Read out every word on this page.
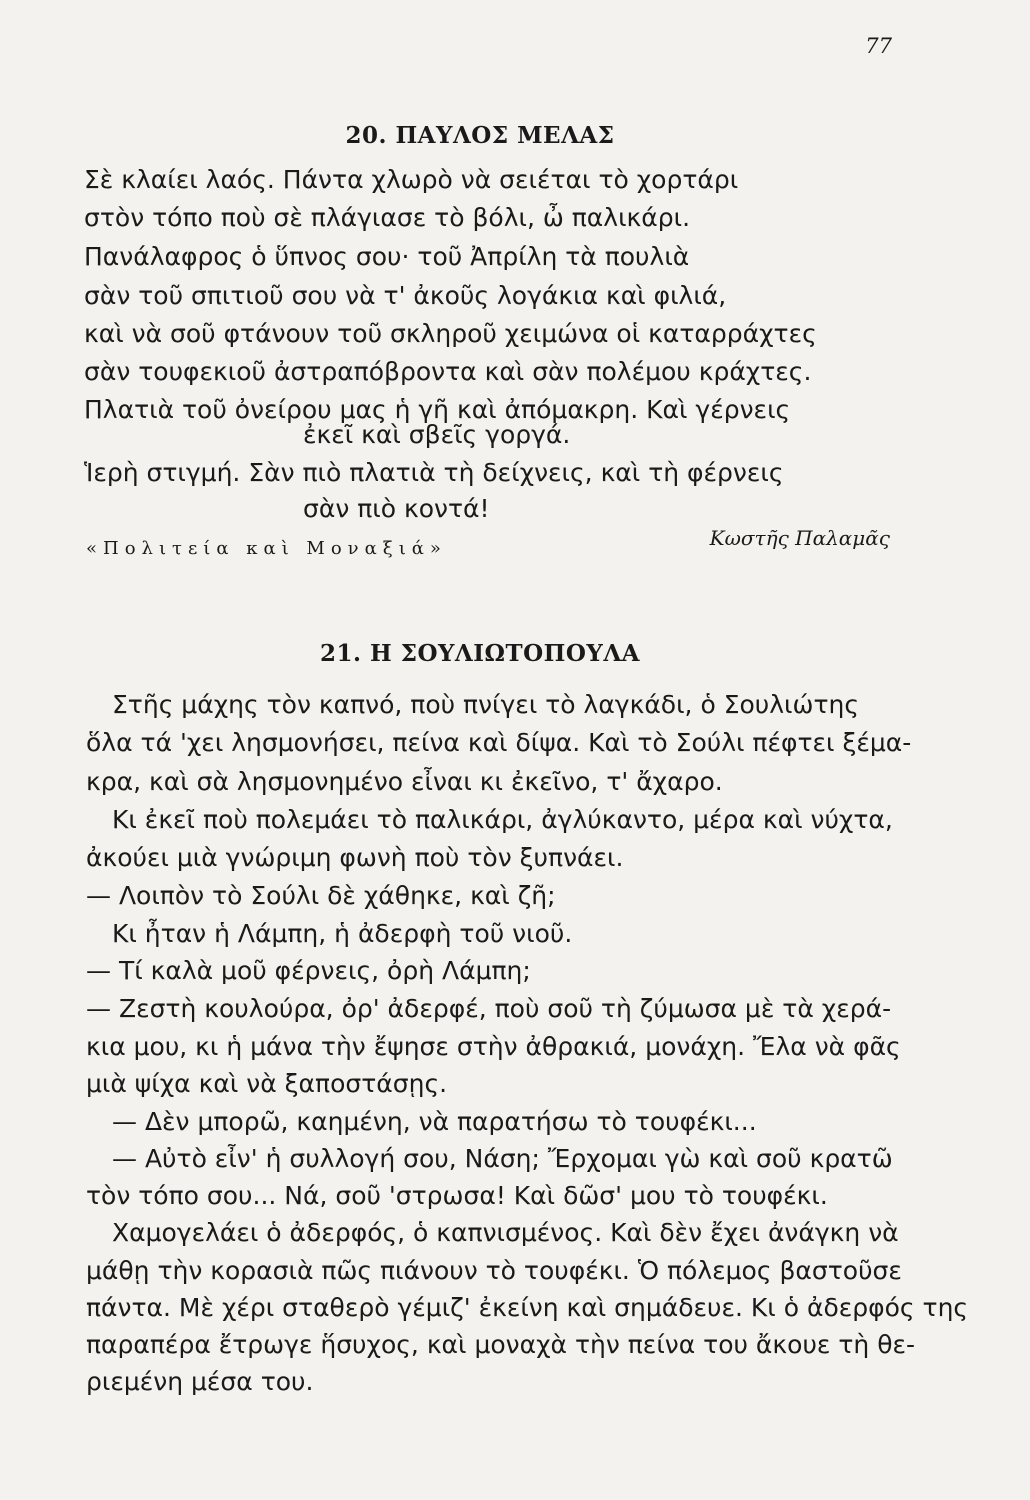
77
20. ΠΑΥΛΟΣ ΜΕΛΑΣ
Σὲ κλαίει λαός. Πάντα χλωρὸ νὰ σειέται τὸ χορτάρι
στὸν τόπο ποὺ σὲ πλάγιασε τὸ βόλι, ὦ παλικάρι.
Πανάλαφρος ὁ ὕπνος σου· τοῦ Ἀπρίλη τὰ πουλιὰ
σὰν τοῦ σπιτιοῦ σου νὰ τ' ἀκοῦς λογάκια καὶ φιλιά,
καὶ νὰ σοῦ φτάνουν τοῦ σκληροῦ χειμώνα οἱ καταρράχτες
σὰν τουφεκιοῦ ἀστραπόβροντα καὶ σὰν πολέμου κράχτες.
Πλατιὰ τοῦ ὀνείρου μας ἡ γῆ καὶ ἀπόμακρη. Καὶ γέρνεις
ἐκεῖ καὶ σβεῖς γοργά.
Ἱερὴ στιγμή. Σὰν πιὸ πλατιὰ τὴ δείχνεις, καὶ τὴ φέρνεις
σὰν πιὸ κοντά!
«Πολιτεία καὶ Μοναξιά»	Κωστῆς Παλαμᾶς
21. Η ΣΟΥΛΙΩΤΟΠΟΥΛΑ
Στῆς μάχης τὸν καπνό, ποὺ πνίγει τὸ λαγκάδι, ὁ Σουλιώτης
ὅλα τά 'χει λησμονήσει, πείνα καὶ δίψα. Καὶ τὸ Σούλι πέφτει ξέμα-
κρα, καὶ σὰ λησμονημένο εἶναι κι ἐκεῖνο, τ' ἄχαρο.
Κι ἐκεῖ ποὺ πολεμάει τὸ παλικάρι, ἀγλύκαντο, μέρα καὶ νύχτα,
ἀκούει μιὰ γνώριμη φωνὴ ποὺ τὸν ξυπνάει.
— Λοιπὸν τὸ Σούλι δὲ χάθηκε, καὶ ζῆ;
Κι ἦταν ἡ Λάμπη, ἡ ἀδερφὴ τοῦ νιοῦ.
— Τί καλὰ μοῦ φέρνεις, ὀρὴ Λάμπη;
— Ζεστὴ κουλούρα, ὀρ' ἀδερφέ, ποὺ σοῦ τὴ ζύμωσα μὲ τὰ χερά-
κια μου, κι ἡ μάνα τὴν ἔψησε στὴν ἀθρακιά, μονάχη. Ἔλα νὰ φᾶς
μιὰ ψίχα καὶ νὰ ξαποστάσῃς.
— Δὲν μπορῶ, καημένη, νὰ παρατήσω τὸ τουφέκι...
— Αὐτὸ εἶν' ἡ συλλογή σου, Νάση; Ἔρχομαι γὼ καὶ σοῦ κρατῶ
τὸν τόπο σου... Νά, σοῦ 'στρωσα! Καὶ δῶσ' μου τὸ τουφέκι.
Χαμογελάει ὁ ἀδερφός, ὁ καπνισμένος. Καὶ δὲν ἔχει ἀνάγκη νὰ
μάθῃ τὴν κορασιὰ πῶς πιάνουν τὸ τουφέκι. Ὁ πόλεμος βαστοῦσε
πάντα. Μὲ χέρι σταθερὸ γέμιζ' ἐκείνη καὶ σημάδευε. Κι ὁ ἀδερφός της
παραπέρα ἔτρωγε ἥσυχος, καὶ μοναχὰ τὴν πείνα του ἄκουε τὴ θε-
ριεμένη μέσα του.
